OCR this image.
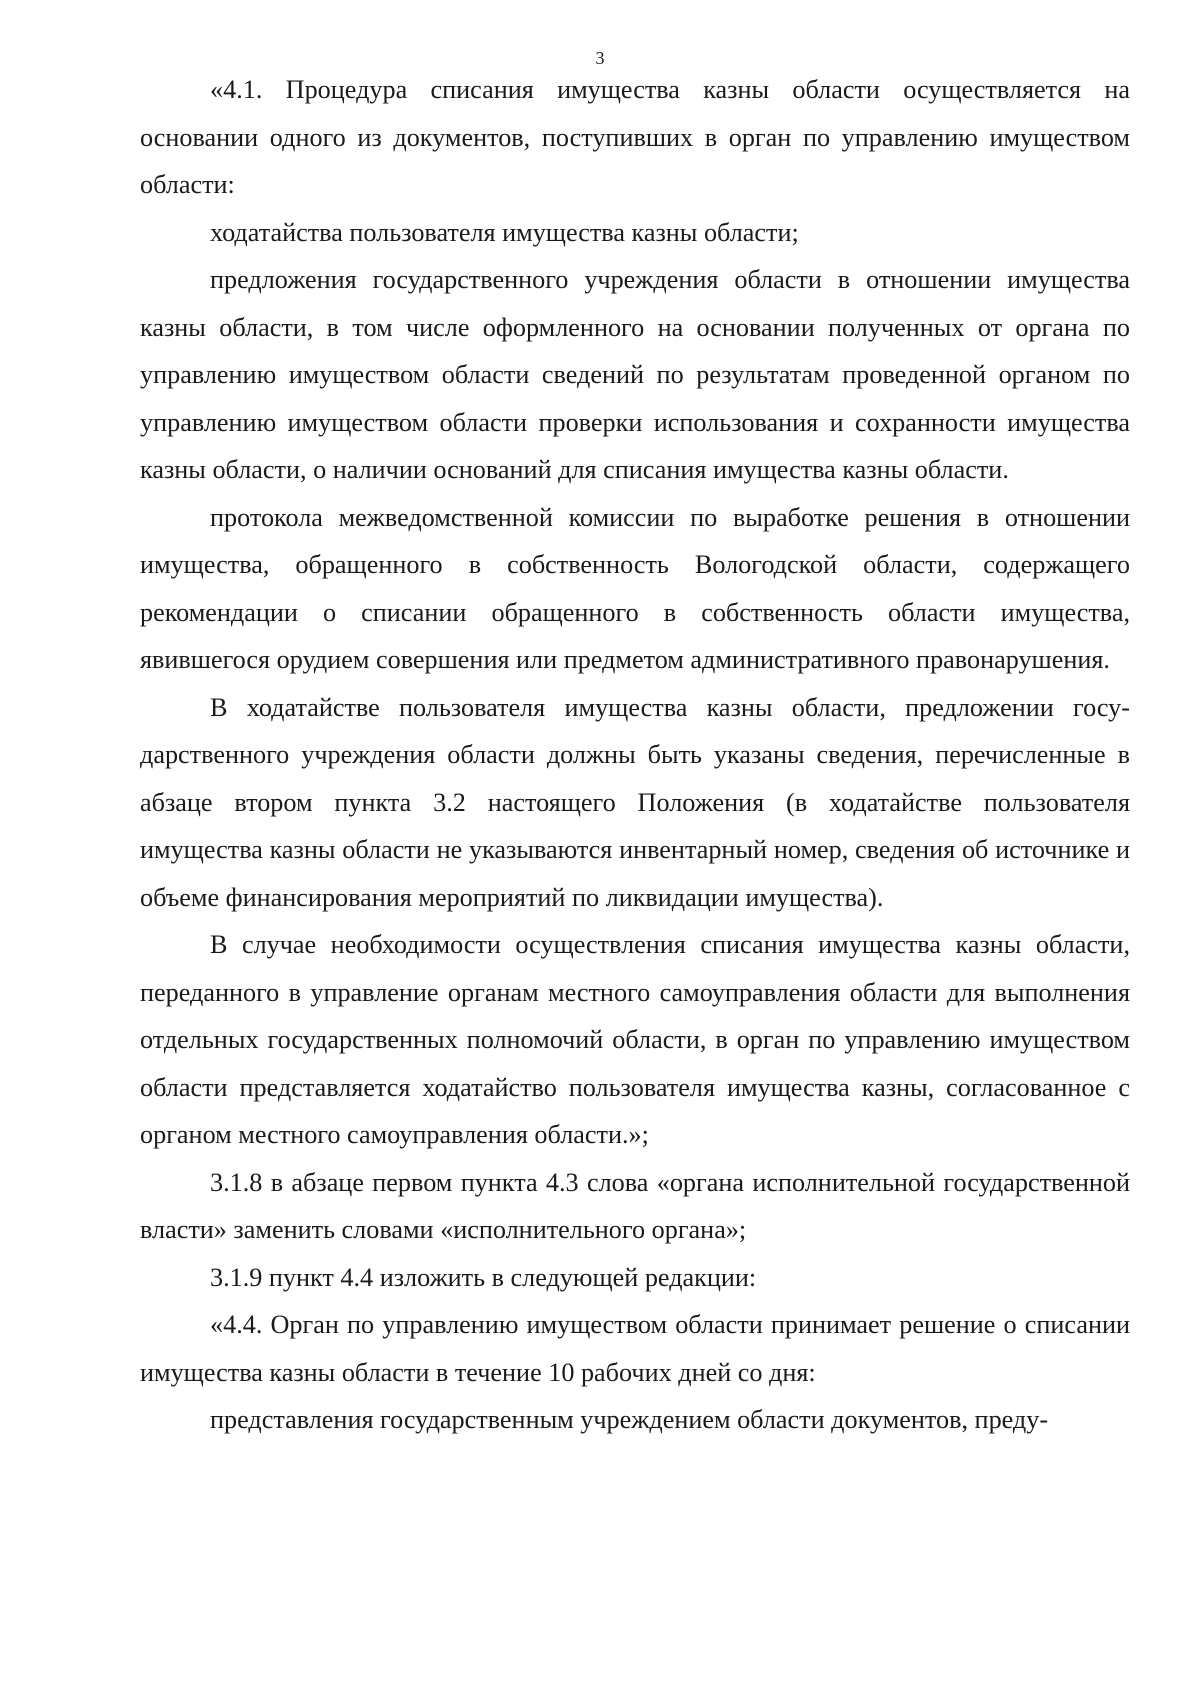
3

«4.1. Процедура списания имущества казны области осуществляется на основании одного из документов, поступивших в орган по управлению имуществом области:

ходатайства пользователя имущества казны области;

предложения государственного учреждения области в отношении имущества казны области, в том числе оформленного на основании полученных от органа по управлению имуществом области сведений по результатам проведенной органом по управлению имуществом области проверки использования и сохранности имущества казны области, о наличии оснований для списания имущества казны области.

протокола межведомственной комиссии по выработке решения в отношении имущества, обращенного в собственность Вологодской области, содержащего рекомендации о списании обращенного в собственность области имущества, явившегося орудием совершения или предметом административного правонарушения.

В ходатайстве пользователя имущества казны области, предложении государственного учреждения области должны быть указаны сведения, перечисленные в абзаце втором пункта 3.2 настоящего Положения (в ходатайстве пользователя имущества казны области не указываются инвентарный номер, сведения об источнике и объеме финансирования мероприятий по ликвидации имущества).

В случае необходимости осуществления списания имущества казны области, переданного в управление органам местного самоуправления области для выполнения отдельных государственных полномочий области, в орган по управлению имуществом области представляется ходатайство пользователя имущества казны, согласованное с органом местного самоуправления области.»;

3.1.8 в абзаце первом пункта 4.3 слова «органа исполнительной государственной власти» заменить словами «исполнительного органа»;

3.1.9 пункт 4.4 изложить в следующей редакции:

«4.4. Орган по управлению имуществом области принимает решение о списании имущества казны области в течение 10 рабочих дней со дня:

представления государственным учреждением области документов, преду-
